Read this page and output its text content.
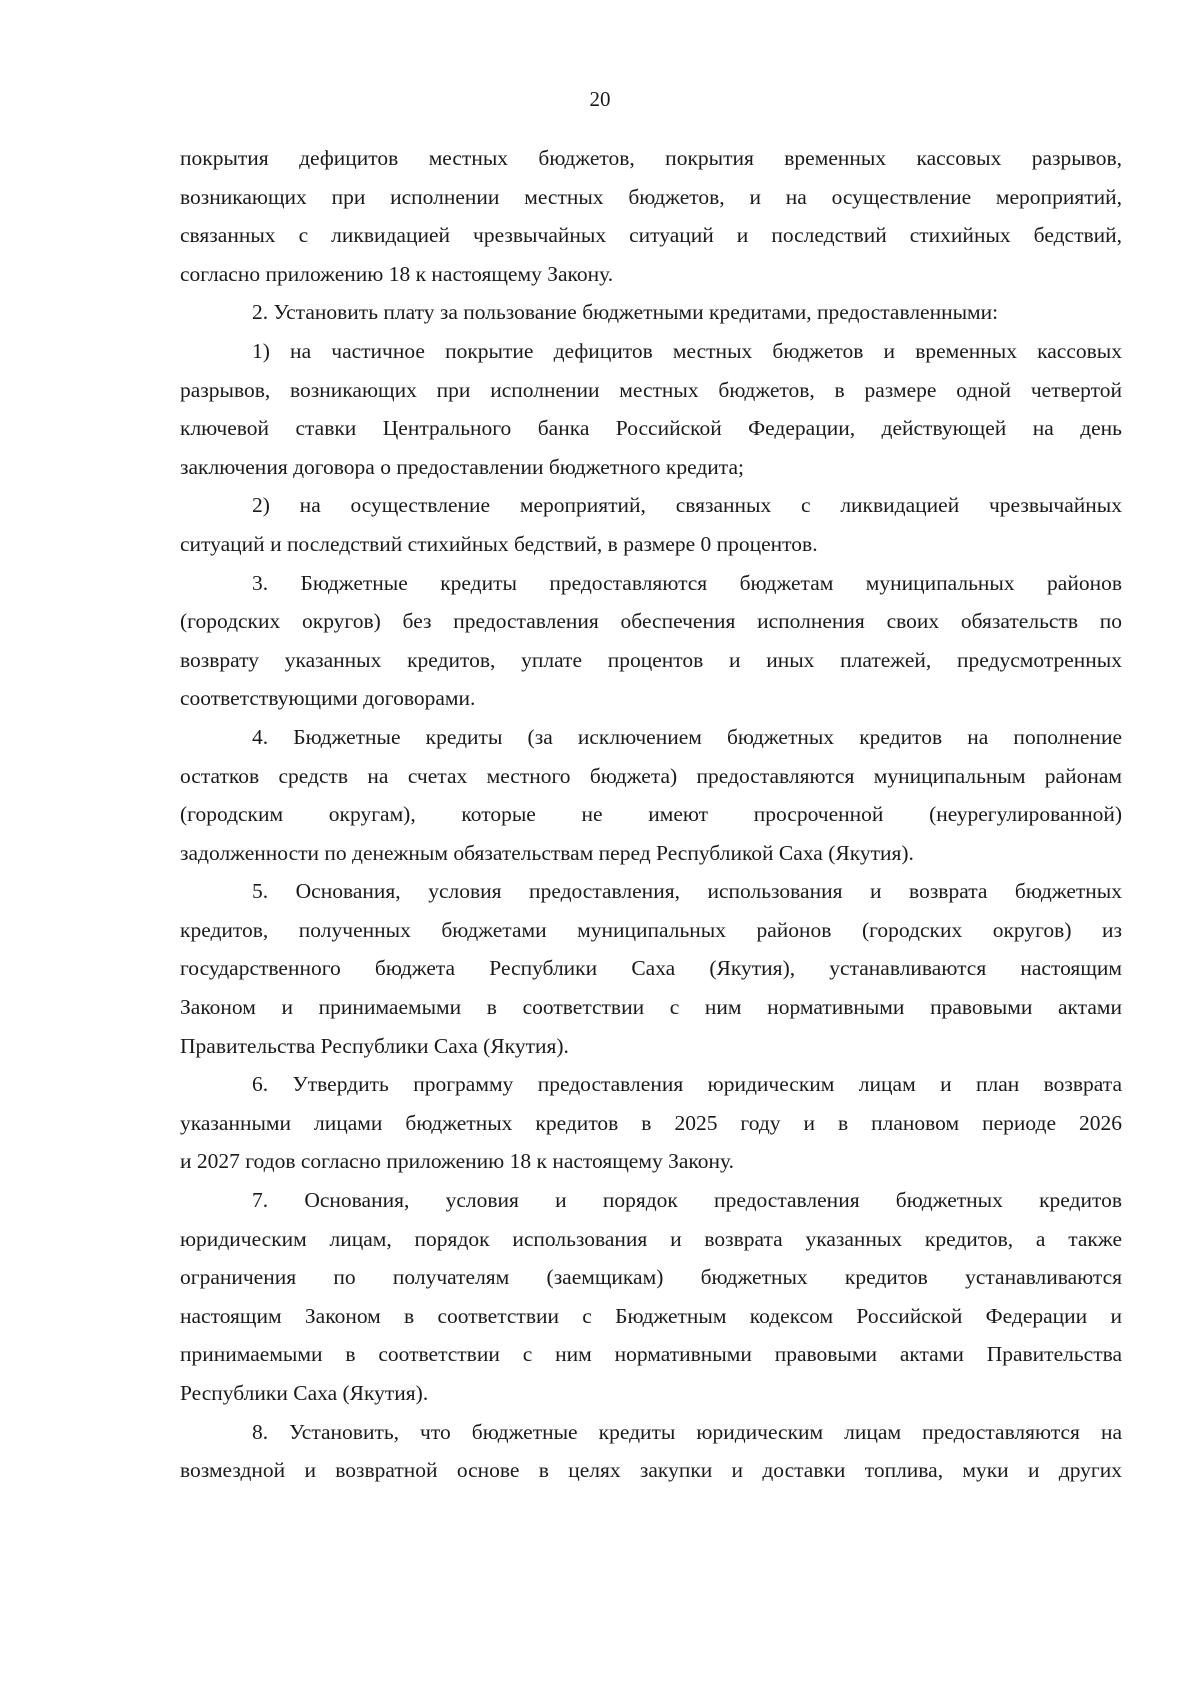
20
покрытия дефицитов местных бюджетов, покрытия временных кассовых разрывов,
возникающих при исполнении местных бюджетов, и на осуществление мероприятий,
связанных с ликвидацией чрезвычайных ситуаций и последствий стихийных бедствий,
согласно приложению 18 к настоящему Закону.
2. Установить плату за пользование бюджетными кредитами, предоставленными:
1) на частичное покрытие дефицитов местных бюджетов и временных кассовых
разрывов, возникающих при исполнении местных бюджетов, в размере одной четвертой
ключевой ставки Центрального банка Российской Федерации, действующей на день
заключения договора о предоставлении бюджетного кредита;
2) на осуществление мероприятий, связанных с ликвидацией чрезвычайных
ситуаций и последствий стихийных бедствий, в размере 0 процентов.
3. Бюджетные кредиты предоставляются бюджетам муниципальных районов
(городских округов) без предоставления обеспечения исполнения своих обязательств по
возврату указанных кредитов, уплате процентов и иных платежей, предусмотренных
соответствующими договорами.
4. Бюджетные кредиты (за исключением бюджетных кредитов на пополнение
остатков средств на счетах местного бюджета) предоставляются муниципальным районам
(городским округам), которые не имеют просроченной (неурегулированной)
задолженности по денежным обязательствам перед Республикой Саха (Якутия).
5. Основания, условия предоставления, использования и возврата бюджетных
кредитов, полученных бюджетами муниципальных районов (городских округов) из
государственного бюджета Республики Саха (Якутия), устанавливаются настоящим
Законом и принимаемыми в соответствии с ним нормативными правовыми актами
Правительства Республики Саха (Якутия).
6. Утвердить программу предоставления юридическим лицам и план возврата
указанными лицами бюджетных кредитов в 2025 году и в плановом периоде 2026
и 2027 годов согласно приложению 18 к настоящему Закону.
7. Основания, условия и порядок предоставления бюджетных кредитов
юридическим лицам, порядок использования и возврата указанных кредитов, а также
ограничения по получателям (заемщикам) бюджетных кредитов устанавливаются
настоящим Законом в соответствии с Бюджетным кодексом Российской Федерации и
принимаемыми в соответствии с ним нормативными правовыми актами Правительства
Республики Саха (Якутия).
8. Установить, что бюджетные кредиты юридическим лицам предоставляются на
возмездной и возвратной основе в целях закупки и доставки топлива, муки и других
